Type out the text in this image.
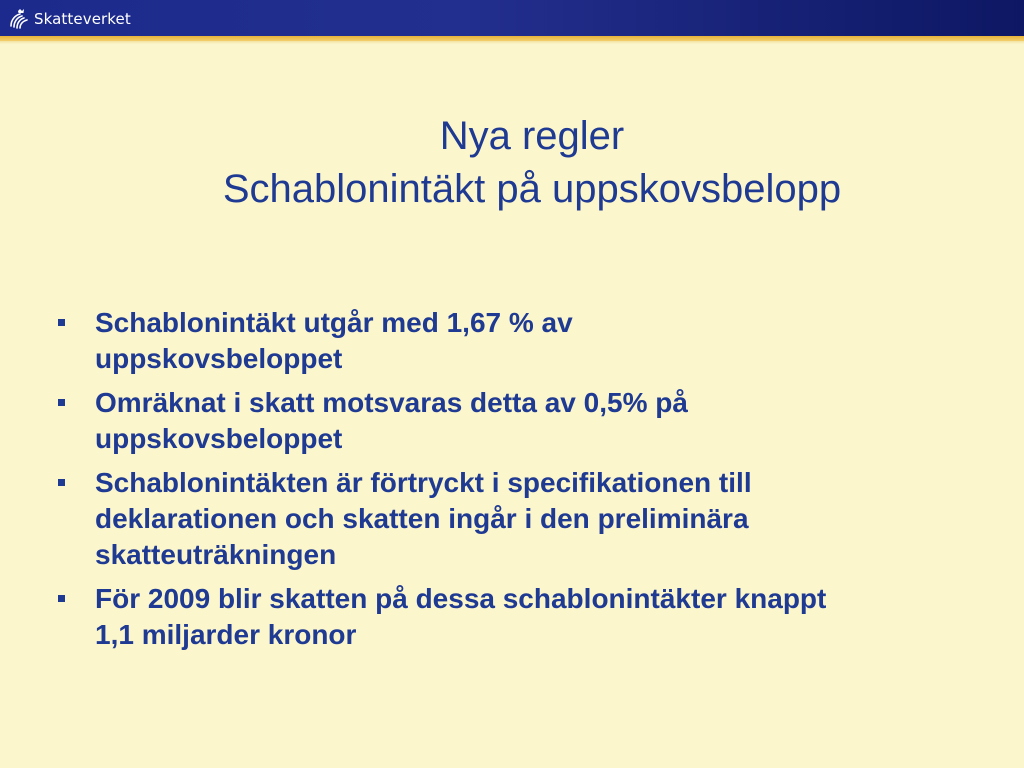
Skatteverket
Nya regler
Schablonintäkt på uppskovsbelopp
Schablonintäkt utgår med 1,67 % av
uppskovsbeloppet
Omräknat i skatt motsvaras detta av 0,5% på
uppskovsbeloppet
Schablonintäkten är förtryckt i specifikationen till
deklarationen och skatten ingår i den preliminära
skatteuträkningen
För 2009 blir skatten på dessa schablonintäkter knappt
1,1 miljarder kronor
